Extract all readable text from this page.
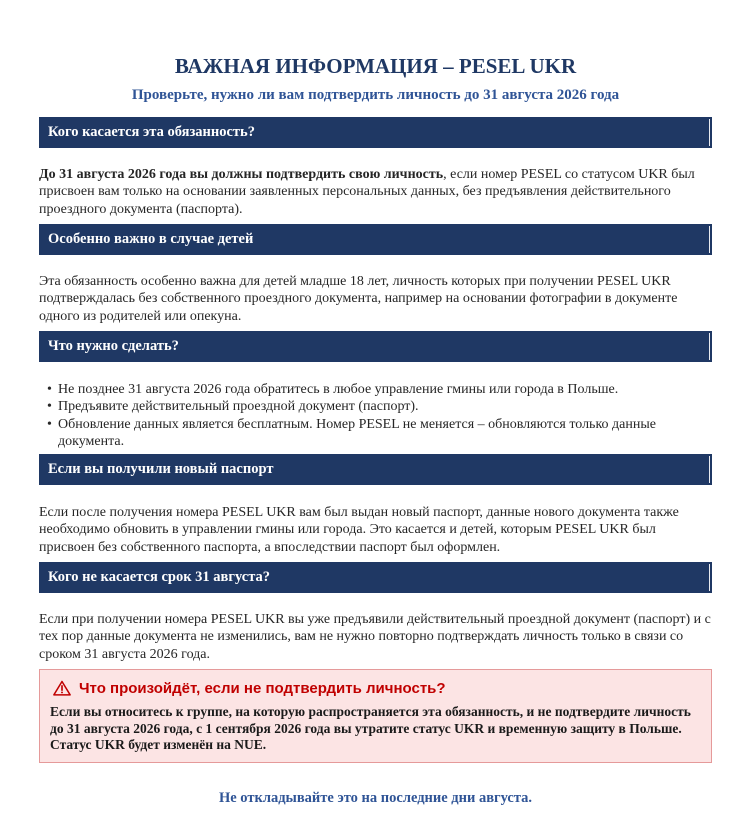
ВАЖНАЯ ИНФОРМАЦИЯ – PESEL UKR
Проверьте, нужно ли вам подтвердить личность до 31 августа 2026 года
Кого касается эта обязанность?

До 31 августа 2026 года вы должны подтвердить свою личность, если номер PESEL со статусом UKR был присвоен вам только на основании заявленных персональных данных, без предъявления действительного проездного документа (паспорта).

Особенно важно в случае детей

Эта обязанность особенно важна для детей младше 18 лет, личность которых при получении PESEL UKR подтверждалась без собственного проездного документа, например на основании фотографии в документе одного из родителей или опекуна.

Что нужно сделать?
•
Не позднее 31 августа 2026 года обратитесь в любое управление гмины или города в Польше.
•
Предъявите действительный проездной документ (паспорт).
•
Обновление данных является бесплатным. Номер PESEL не меняется – обновляются только данные документа.
Если вы получили новый паспорт

Если после получения номера PESEL UKR вам был выдан новый паспорт, данные нового документа также необходимо обновить в управлении гмины или города. Это касается и детей, которым PESEL UKR был присвоен без собственного паспорта, а впоследствии паспорт был оформлен.

Кого не касается срок 31 августа?

Если при получении номера PESEL UKR вы уже предъявили действительный проездной документ (паспорт) и с тех пор данные документа не изменились, вам не нужно повторно подтверждать личность только в связи со сроком 31 августа 2026 года.

Что произойдёт, если не подтвердить личность?
Если вы относитесь к группе, на которую распространяется эта обязанность, и не подтвердите личность до 31 августа 2026 года, с 1 сентября 2026 года вы утратите статус UKR и временную защиту в Польше. Статус UKR будет изменён на NUE.
Не откладывайте это на последние дни августа.
